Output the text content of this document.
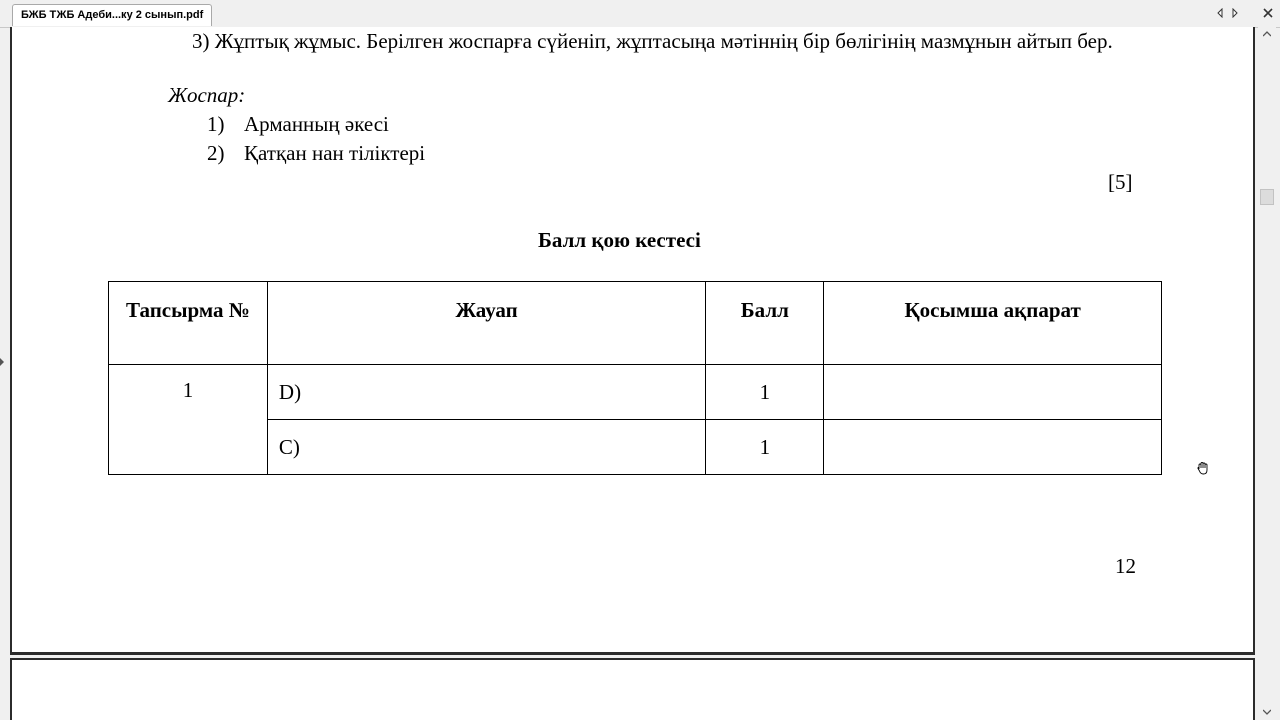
БЖБ ТЖБ Адеби...ку 2 сынып.pdf
3) Жұптық жұмыс. Берілген жоспарға сүйеніп, жұптасыңа мәтіннің бір бөлігінің мазмұнын айтып бер.
Жоспар:
1) Арманның әкесі
2) Қатқан нан тіліктері
[5]
Балл қою кестесі
Тапсырма №	Жауап	Балл	Қосымша ақпарат
1	D)	1	
	C)	1	
12
